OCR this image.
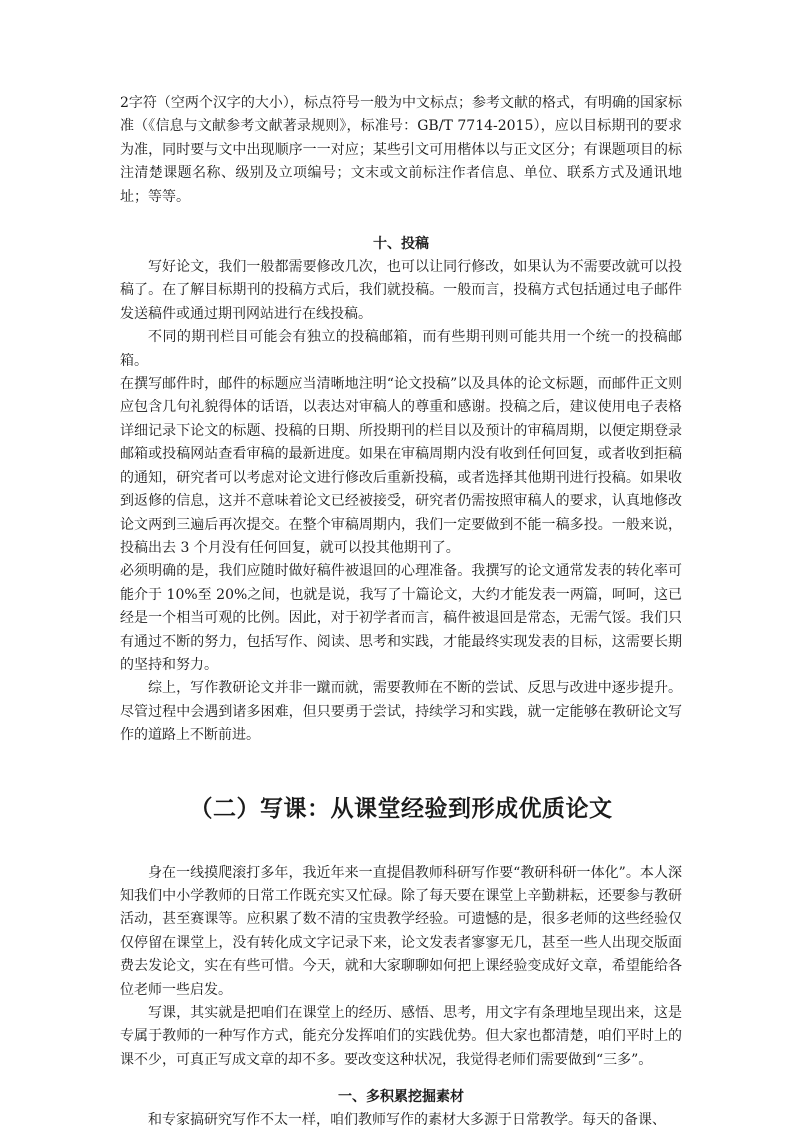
2字符（空两个汉字的大小），标点符号一般为中文标点；参考文献的格式，有明确的国家标准（《信息与文献参考文献著录规则》，标准号：GB/T 7714-2015），应以目标期刊的要求为准，同时要与文中出现顺序一一对应；某些引文可用楷体以与正文区分；有课题项目的标注清楚课题名称、级别及立项编号；文末或文前标注作者信息、单位、联系方式及通讯地址；等等。

十、投稿

写好论文，我们一般都需要修改几次，也可以让同行修改，如果认为不需要改就可以投稿了。在了解目标期刊的投稿方式后，我们就投稿。一般而言，投稿方式包括通过电子邮件发送稿件或通过期刊网站进行在线投稿。

不同的期刊栏目可能会有独立的投稿邮箱，而有些期刊则可能共用一个统一的投稿邮箱。

在撰写邮件时，邮件的标题应当清晰地注明“论文投稿”以及具体的论文标题，而邮件正文则应包含几句礼貌得体的话语，以表达对审稿人的尊重和感谢。投稿之后，建议使用电子表格详细记录下论文的标题、投稿的日期、所投期刊的栏目以及预计的审稿周期，以便定期登录邮箱或投稿网站查看审稿的最新进度。如果在审稿周期内没有收到任何回复，或者收到拒稿的通知，研究者可以考虑对论文进行修改后重新投稿，或者选择其他期刊进行投稿。如果收到返修的信息，这并不意味着论文已经被接受，研究者仍需按照审稿人的要求，认真地修改论文两到三遍后再次提交。在整个审稿周期内，我们一定要做到不能一稿多投。一般来说，投稿出去 3 个月没有任何回复，就可以投其他期刊了。

必须明确的是，我们应随时做好稿件被退回的心理准备。我撰写的论文通常发表的转化率可能介于 10%至 20%之间，也就是说，我写了十篇论文，大约才能发表一两篇，呵呵，这已经是一个相当可观的比例。因此，对于初学者而言，稿件被退回是常态，无需气馁。我们只有通过不断的努力，包括写作、阅读、思考和实践，才能最终实现发表的目标，这需要长期的坚持和努力。

综上，写作教研论文并非一蹴而就，需要教师在不断的尝试、反思与改进中逐步提升。尽管过程中会遇到诸多困难，但只要勇于尝试，持续学习和实践，就一定能够在教研论文写作的道路上不断前进。

（二）写课：从课堂经验到形成优质论文

身在一线摸爬滚打多年，我近年来一直提倡教师科研写作要“教研科研一体化”。本人深知我们中小学教师的日常工作既充实又忙碌。除了每天要在课堂上辛勤耕耘，还要参与教研活动，甚至赛课等。应积累了数不清的宝贵教学经验。可遗憾的是，很多老师的这些经验仅仅停留在课堂上，没有转化成文字记录下来，论文发表者寥寥无几，甚至一些人出现交版面费去发论文，实在有些可惜。今天，就和大家聊聊如何把上课经验变成好文章，希望能给各位老师一些启发。

写课，其实就是把咱们在课堂上的经历、感悟、思考，用文字有条理地呈现出来，这是专属于教师的一种写作方式，能充分发挥咱们的实践优势。但大家也都清楚，咱们平时上的课不少，可真正写成文章的却不多。要改变这种状况，我觉得老师们需要做到“三多”。

一、多积累挖掘素材

和专家搞研究写作不太一样，咱们教师写作的素材大多源于日常教学。每天的备课、
